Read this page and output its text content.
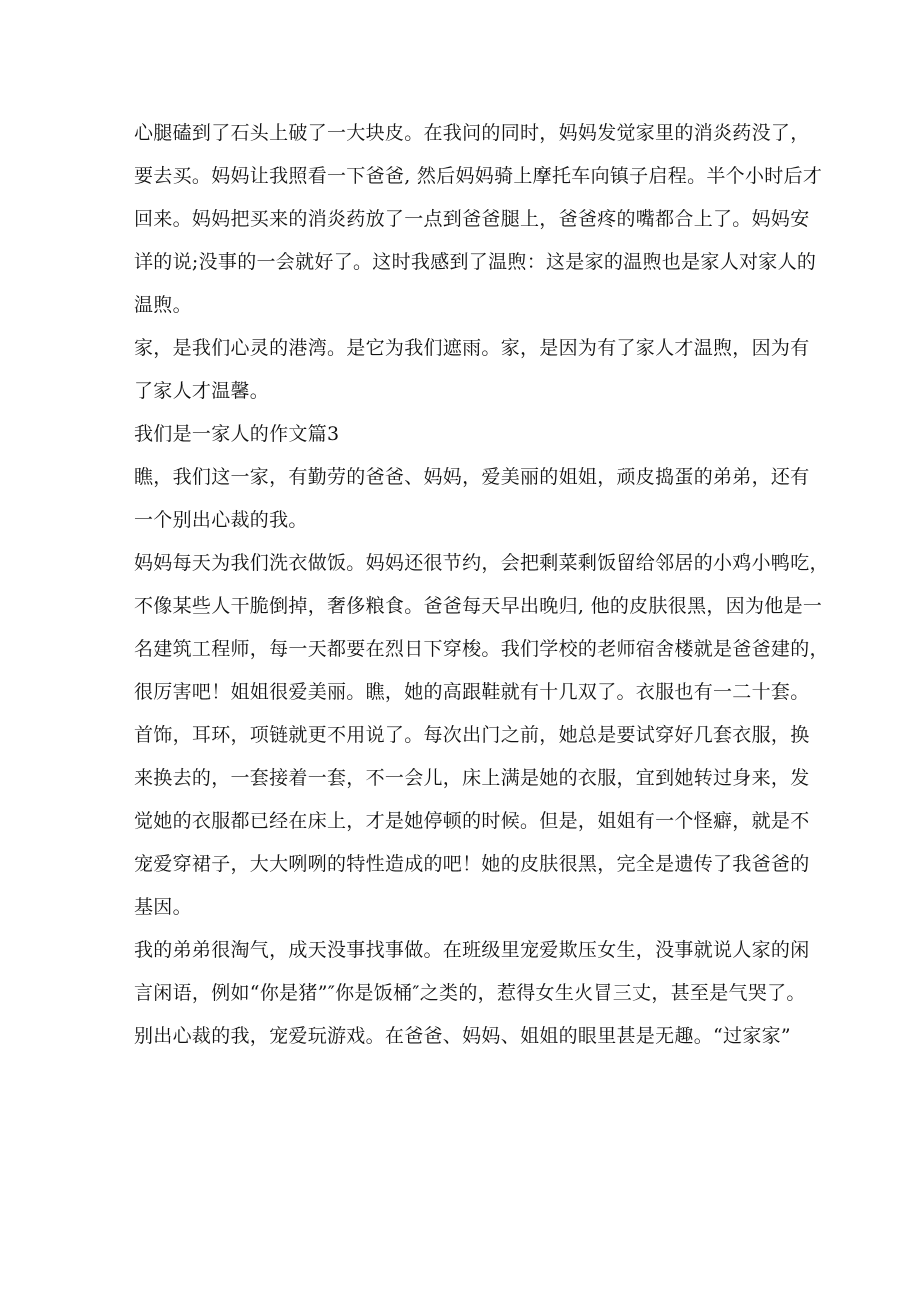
心腿磕到了石头上破了一大块皮。在我问的同时，妈妈发觉家里的消炎药没了，
要去买。妈妈让我照看一下爸爸, 然后妈妈骑上摩托车向镇子启程。半个小时后才
回来。妈妈把买来的消炎药放了一点到爸爸腿上，爸爸疼的嘴都合上了。妈妈安
详的说;没事的一会就好了。这时我感到了温煦：这是家的温煦也是家人对家人的
温煦。
家，是我们心灵的港湾。是它为我们遮雨。家，是因为有了家人才温煦，因为有
了家人才温馨。
我们是一家人的作文篇3
瞧，我们这一家，有勤劳的爸爸、妈妈，爱美丽的姐姐，顽皮捣蛋的弟弟，还有
一个别出心裁的我。
妈妈每天为我们洗衣做饭。妈妈还很节约，会把剩菜剩饭留给邻居的小鸡小鸭吃，
不像某些人干脆倒掉，奢侈粮食。爸爸每天早出晚归, 他的皮肤很黑，因为他是一
名建筑工程师，每一天都要在烈日下穿梭。我们学校的老师宿舍楼就是爸爸建的，
很厉害吧！姐姐很爱美丽。瞧，她的高跟鞋就有十几双了。衣服也有一二十套。
首饰，耳环，项链就更不用说了。每次出门之前，她总是要试穿好几套衣服，换
来换去的，一套接着一套，不一会儿，床上满是她的衣服，宜到她转过身来，发
觉她的衣服都已经在床上，才是她停顿的时候。但是，姐姐有一个怪癖，就是不
宠爱穿裙子，大大咧咧的特性造成的吧！她的皮肤很黑，完全是遗传了我爸爸的
基因。
我的弟弟很淘气，成天没事找事做。在班级里宠爱欺压女生，没事就说人家的闲
言闲语，例如“你是猪”″你是饭桶″之类的，惹得女生火冒三丈，甚至是气哭了。
别出心裁的我，宠爱玩游戏。在爸爸、妈妈、姐姐的眼里甚是无趣。“过家家”
